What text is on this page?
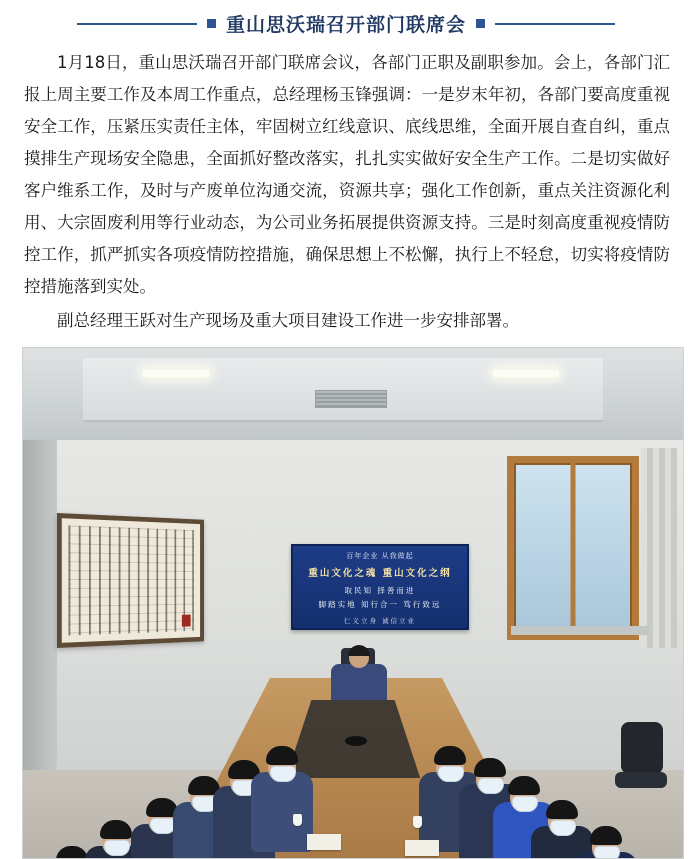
重山思沃瑞召开部门联席会

1月18日，重山思沃瑞召开部门联席会议，各部门正职及副职参加。会上，各部门汇报上周主要工作及本周工作重点，总经理杨玉锋强调：一是岁末年初，各部门要高度重视安全工作，压紧压实责任主体，牢固树立红线意识、底线思维，全面开展自查自纠，重点摸排生产现场安全隐患，全面抓好整改落实，扎扎实实做好安全生产工作。二是切实做好客户维系工作，及时与产废单位沟通交流，资源共享；强化工作创新，重点关注资源化利用、大宗固废利用等行业动态，为公司业务拓展提供资源支持。三是时刻高度重视疫情防控工作，抓严抓实各项疫情防控措施，确保思想上不松懈，执行上不轻怠，切实将疫情防控措施落到实处。

副总经理王跃对生产现场及重大项目建设工作进一步安排部署。

百年企业 从我做起
重山文化之魂 重山文化之纲
取民知 择善而进
脚踏实地 知行合一 笃行致远
仁义立身 诚信立业
